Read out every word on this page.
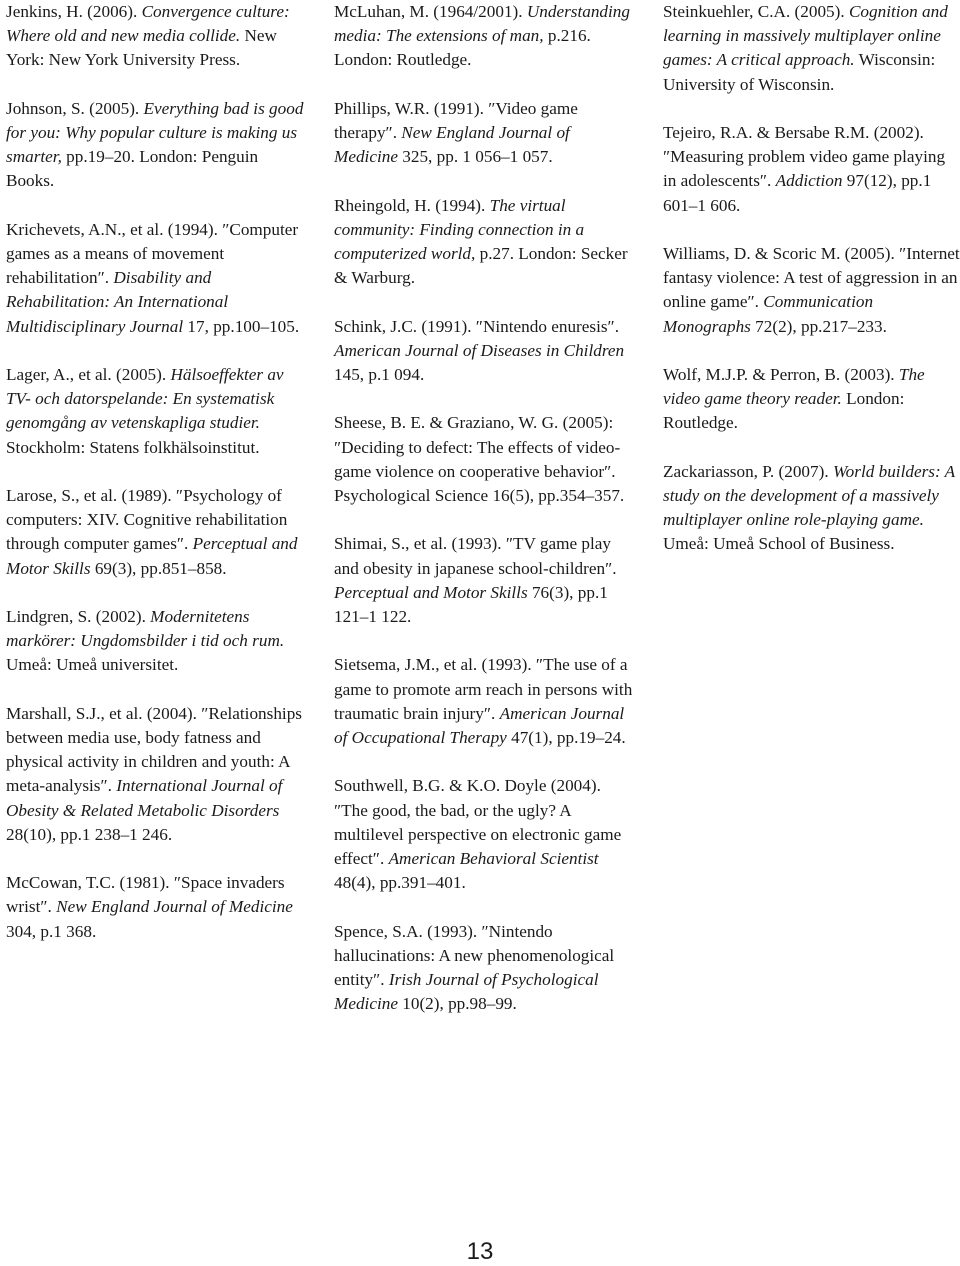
Jenkins, H. (2006). Convergence culture: Where old and new media collide. New York: New York University Press.

Johnson, S. (2005). Everything bad is good for you: Why popular culture is making us smarter, pp.19–20. London: Penguin Books.

Krichevets, A.N., et al. (1994). ″Computer games as a means of movement rehabilitation″. Disability and Rehabilitation: An International Multidisciplinary Journal 17, pp.100–105.

Lager, A., et al. (2005). Hälsoeffekter av TV- och datorspelande: En systematisk genomgång av vetenskapliga studier. Stockholm: Statens folkhälsoinstitut.

Larose, S., et al. (1989). ″Psychology of computers: XIV. Cognitive rehabilitation through computer games″. Perceptual and Motor Skills 69(3), pp.851–858.

Lindgren, S. (2002). Modernitetens markörer: Ungdomsbilder i tid och rum. Umeå: Umeå universitet.

Marshall, S.J., et al. (2004). ″Relationships between media use, body fatness and physical activity in children and youth: A meta-analysis″. International Journal of Obesity & Related Metabolic Disorders 28(10), pp.1 238–1 246.

McCowan, T.C. (1981). ″Space invaders wrist″. New England Journal of Medicine 304, p.1 368.

McLuhan, M. (1964/2001). Understanding media: The extensions of man, p.216. London: Routledge.

Phillips, W.R. (1991). ″Video game therapy″. New England Journal of Medicine 325, pp. 1 056–1 057.

Rheingold, H. (1994). The virtual community: Finding connection in a computerized world, p.27. London: Secker & Warburg.

Schink, J.C. (1991). ″Nintendo enuresis″. American Journal of Diseases in Children 145, p.1 094.

Sheese, B. E. & Graziano, W. G. (2005): ″Deciding to defect: The effects of video-game violence on cooperative behavior″. Psychological Science 16(5), pp.354–357.

Shimai, S., et al. (1993). ″TV game play and obesity in japanese school-children″. Perceptual and Motor Skills 76(3), pp.1 121–1 122.

Sietsema, J.M., et al. (1993). ″The use of a game to promote arm reach in persons with traumatic brain injury″. American Journal of Occupational Therapy 47(1), pp.19–24.

Southwell, B.G. & K.O. Doyle (2004). ″The good, the bad, or the ugly? A multilevel perspective on electronic game effect″. American Behavioral Scientist 48(4), pp.391–401.

Spence, S.A. (1993). ″Nintendo hallucinations: A new phenomenological entity″. Irish Journal of Psychological Medicine 10(2), pp.98–99.

Steinkuehler, C.A. (2005). Cognition and learning in massively multiplayer online games: A critical approach. Wisconsin: University of Wisconsin.

Tejeiro, R.A. & Bersabe R.M. (2002). ″Measuring problem video game playing in adolescents″. Addiction 97(12), pp.1 601–1 606.

Williams, D. & Scoric M. (2005). ″Internet fantasy violence: A test of aggression in an online game″. Communication Monographs 72(2), pp.217–233.

Wolf, M.J.P. & Perron, B. (2003). The video game theory reader. London: Routledge.

Zackariasson, P. (2007). World builders: A study on the development of a massively multiplayer online role-playing game. Umeå: Umeå School of Business.

13
